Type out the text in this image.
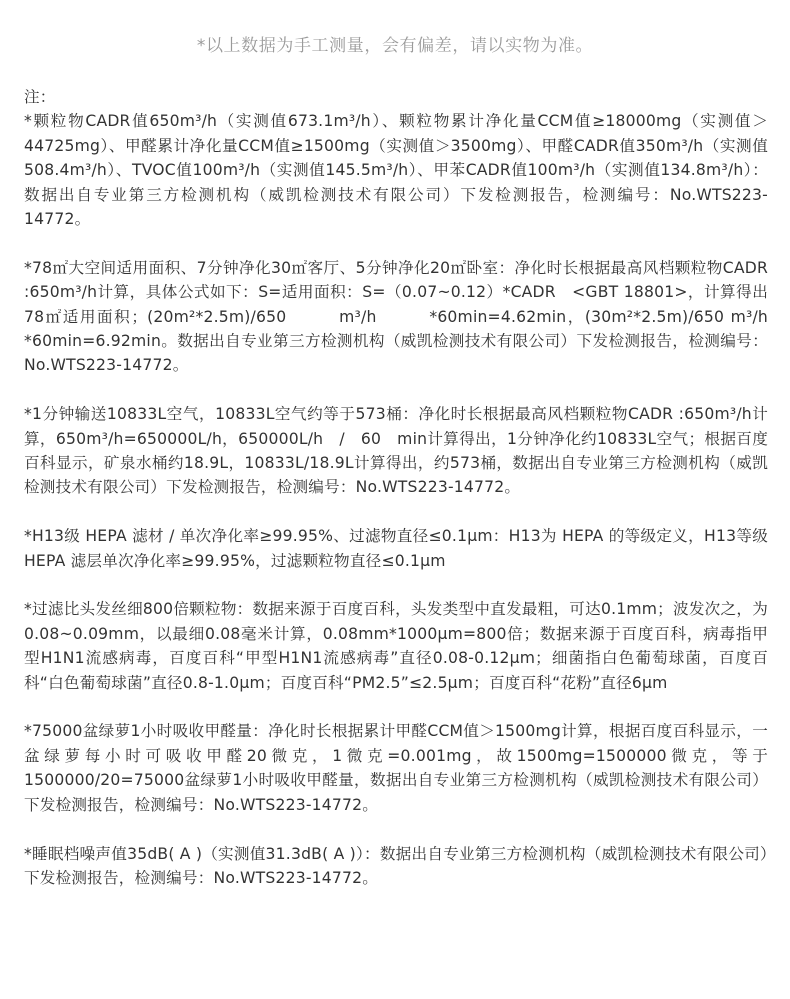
*以上数据为手工测量，会有偏差，请以实物为准。

注：

*颗粒物CADR值650m³/h（实测值673.1m³/h）、颗粒物累计净化量CCM值≥18000mg（实测值＞44725mg）、甲醛累计净化量CCM值≥1500mg（实测值＞3500mg）、甲醛CADR值350m³/h（实测值508.4m³/h）、TVOC值100m³/h（实测值145.5m³/h）、甲苯CADR值100m³/h（实测值134.8m³/h）：数据出自专业第三方检测机构（威凯检测技术有限公司）下发检测报告，检测编号：No.WTS223-14772。

*78㎡大空间适用面积、7分钟净化30㎡客厅、5分钟净化20㎡卧室：净化时长根据最高风档颗粒物CADR :650m³/h计算，具体公式如下：S=适用面积：S=（0.07~0.12）*CADR　<GBT 18801>，计算得出78㎡适用面积；(20m²*2.5m)/650　　　m³/h　　　*60min=4.62min，(30m²*2.5m)/650 m³/h *60min=6.92min。数据出自专业第三方检测机构（威凯检测技术有限公司）下发检测报告，检测编号：No.WTS223-14772。

*1分钟输送10833L空气，10833L空气约等于573桶：净化时长根据最高风档颗粒物CADR :650m³/h计算，650m³/h=650000L/h，650000L/h　/　60　min计算得出，1分钟净化约10833L空气；根据百度百科显示，矿泉水桶约18.9L，10833L/18.9L计算得出，约573桶，数据出自专业第三方检测机构（威凯检测技术有限公司）下发检测报告，检测编号：No.WTS223-14772。

*H13级 HEPA 滤材 / 单次净化率≥99.95%、过滤物直径≤0.1μm：H13为 HEPA 的等级定义，H13等级 HEPA 滤层单次净化率≥99.95%，过滤颗粒物直径≤0.1μm

*过滤比头发丝细800倍颗粒物：数据来源于百度百科，头发类型中直发最粗，可达0.1mm；波发次之，为0.08~0.09mm，以最细0.08毫米计算，0.08mm*1000μm=800倍；数据来源于百度百科，病毒指甲型H1N1流感病毒，百度百科“甲型H1N1流感病毒”直径0.08-0.12μm；细菌指白色葡萄球菌，百度百科“白色葡萄球菌”直径0.8-1.0μm；百度百科“PM2.5”≤2.5μm；百度百科“花粉”直径6μm

*75000盆绿萝1小时吸收甲醛量：净化时长根据累计甲醛CCM值＞1500mg计算，根据百度百科显示，一盆绿萝每小时可吸收甲醛20微克，1微克=0.001mg，故1500mg=1500000微克，等于1500000/20=75000盆绿萝1小时吸收甲醛量，数据出自专业第三方检测机构（威凯检测技术有限公司）下发检测报告，检测编号：No.WTS223-14772。

*睡眠档噪声值35dB( A )（实测值31.3dB( A )）：数据出自专业第三方检测机构（威凯检测技术有限公司）下发检测报告，检测编号：No.WTS223-14772。
